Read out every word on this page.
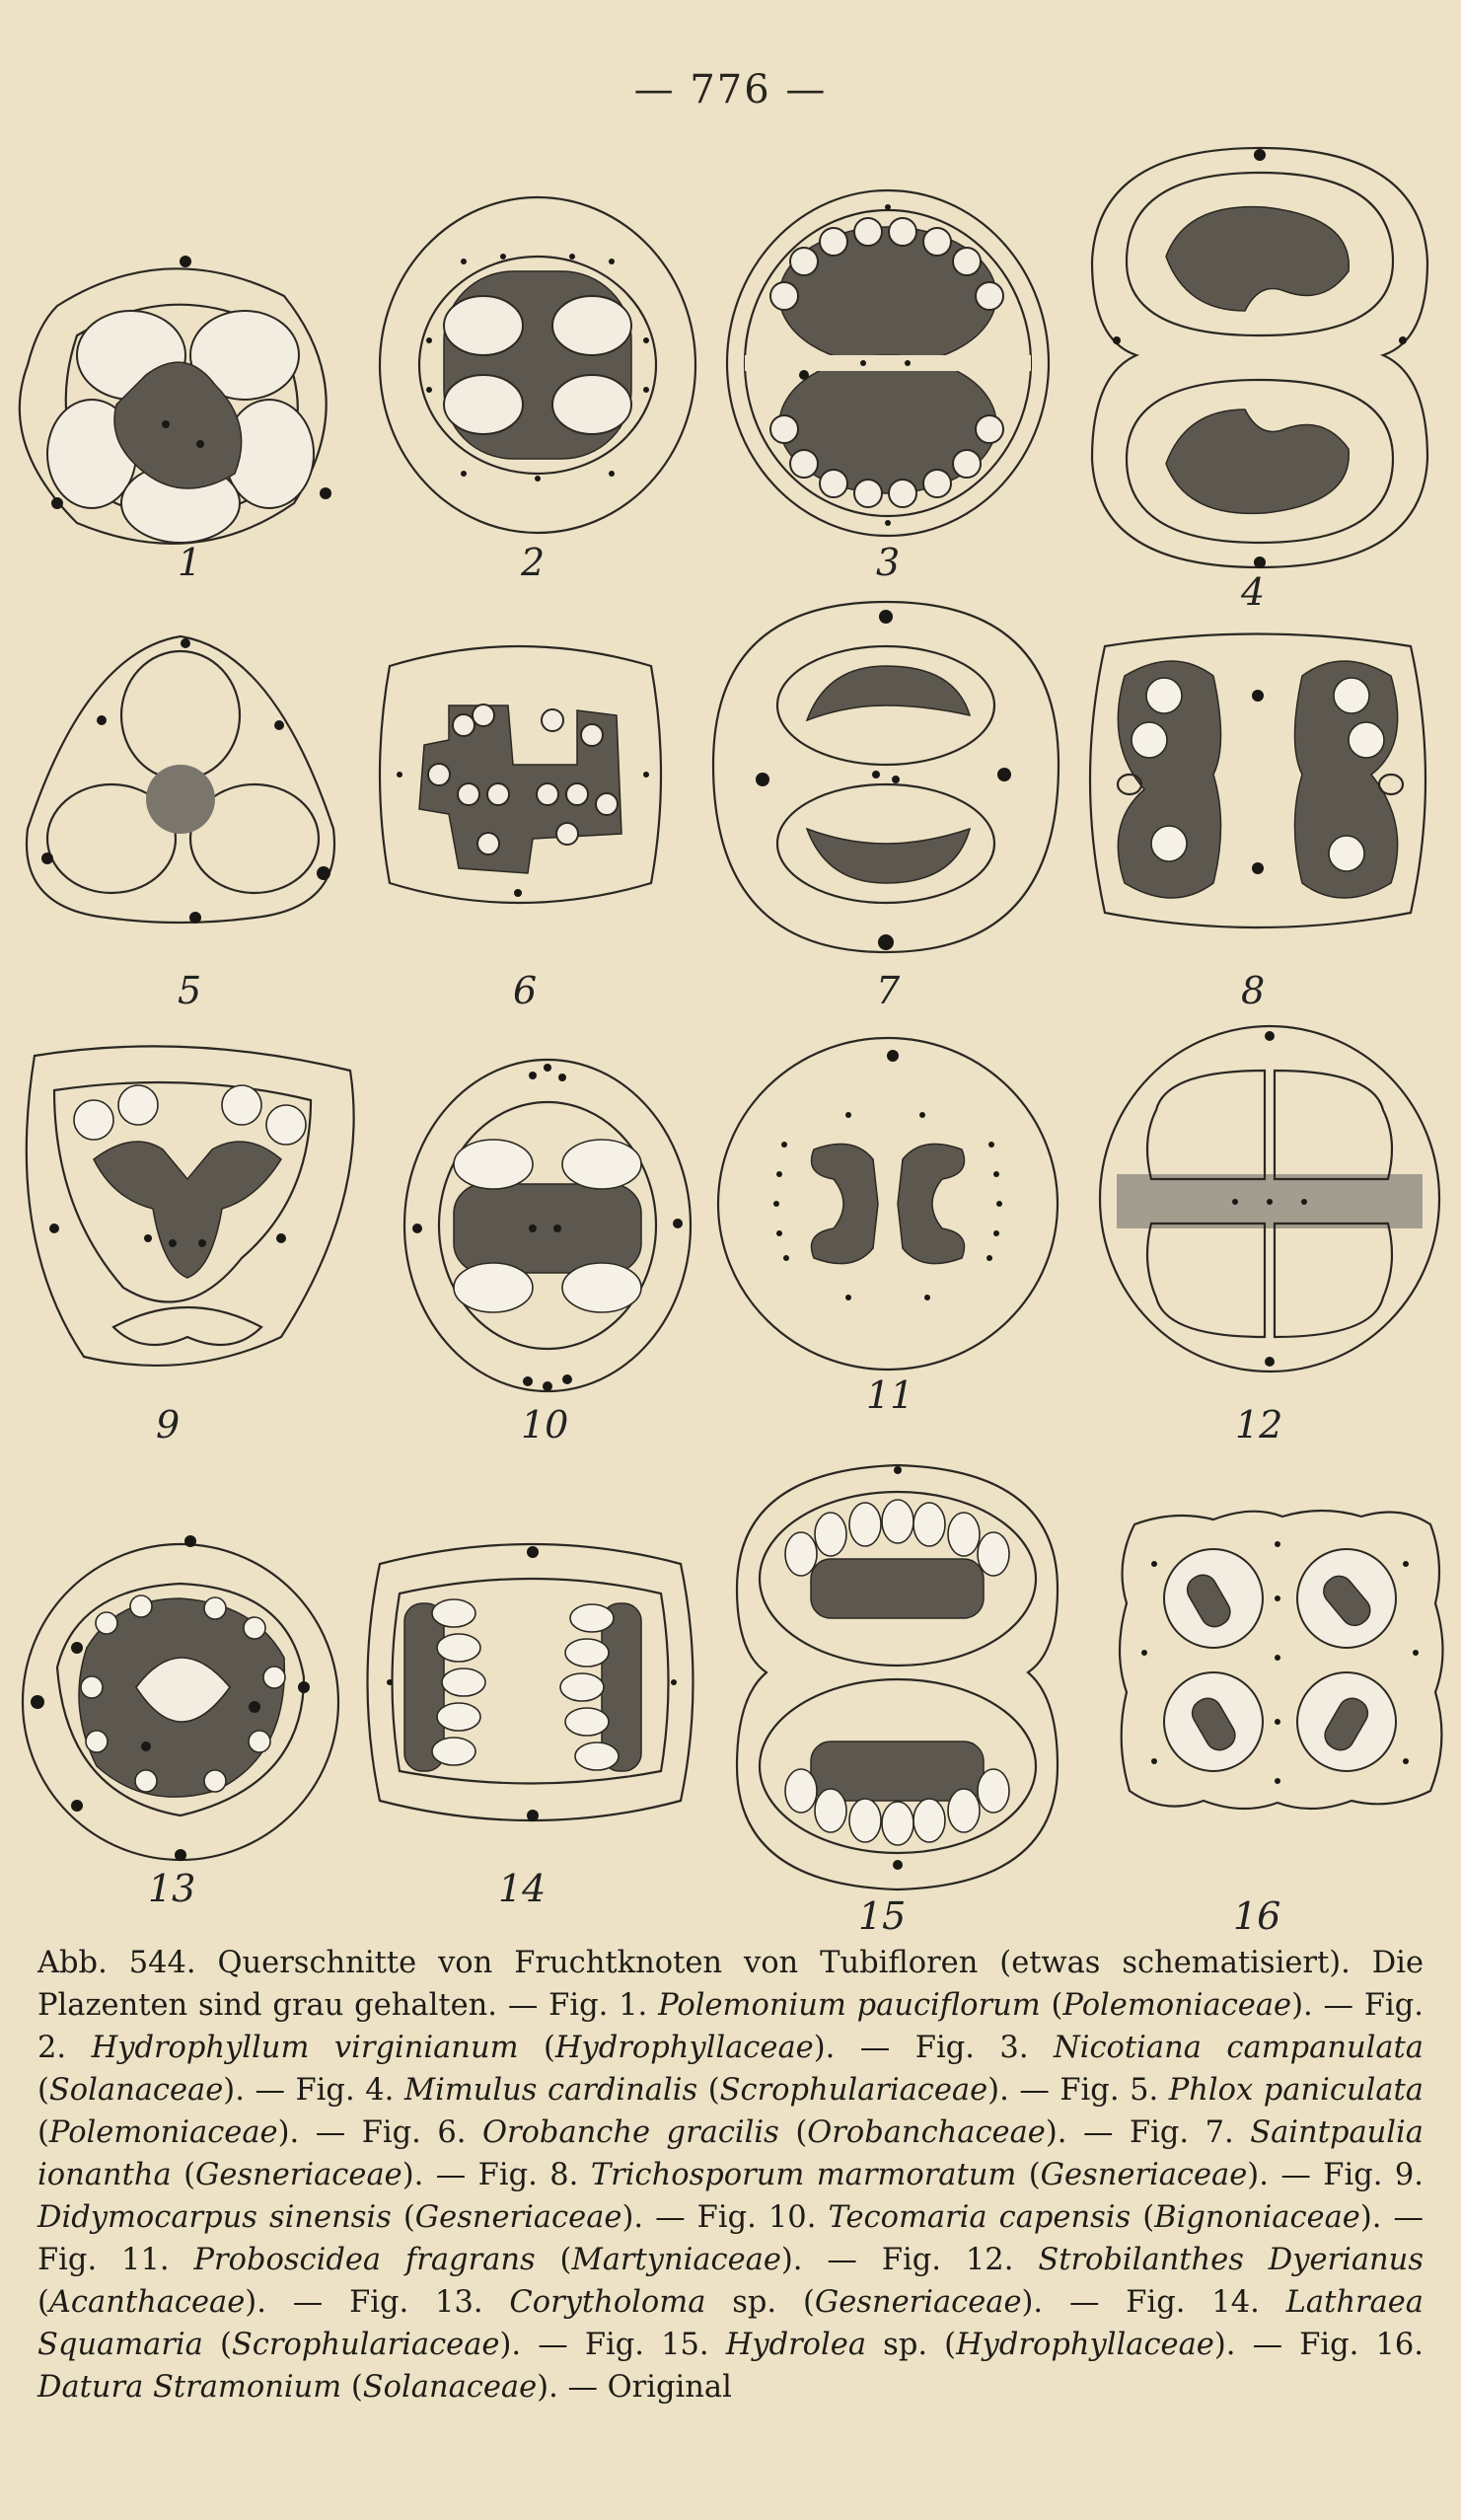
— 776 —
1	2	3
4
5	6	7	8
9	10
11
12
13	14
15	16
Abb. 544. Querschnitte von Fruchtknoten von Tubifloren (etwas schematisiert). Die Plazenten sind grau gehalten. — Fig. 1. Polemonium pauciflorum (Polemoniaceae). — Fig. 2. Hydrophyllum virginianum (Hydrophyllaceae). — Fig. 3. Nicotiana campanulata (Solanaceae). — Fig. 4. Mimulus cardinalis (Scrophulariaceae). — Fig. 5. Phlox paniculata (Polemoniaceae). — Fig. 6. Orobanche gracilis (Orobanchaceae). — Fig. 7. Saintpaulia ionantha (Gesneriaceae). — Fig. 8. Trichosporum marmoratum (Gesneriaceae). — Fig. 9. Didymocarpus sinensis (Gesneriaceae). — Fig. 10. Tecomaria capensis (Bignoniaceae). — Fig. 11. Proboscidea fragrans (Martyniaceae). — Fig. 12. Strobilanthes Dyerianus (Acanthaceae). — Fig. 13. Corytholoma sp. (Gesneriaceae). — Fig. 14. Lathraea Squamaria (Scrophulariaceae). — Fig. 15. Hydrolea sp. (Hydrophyllaceae). — Fig. 16. Datura Stramonium (Solanaceae). — Original
